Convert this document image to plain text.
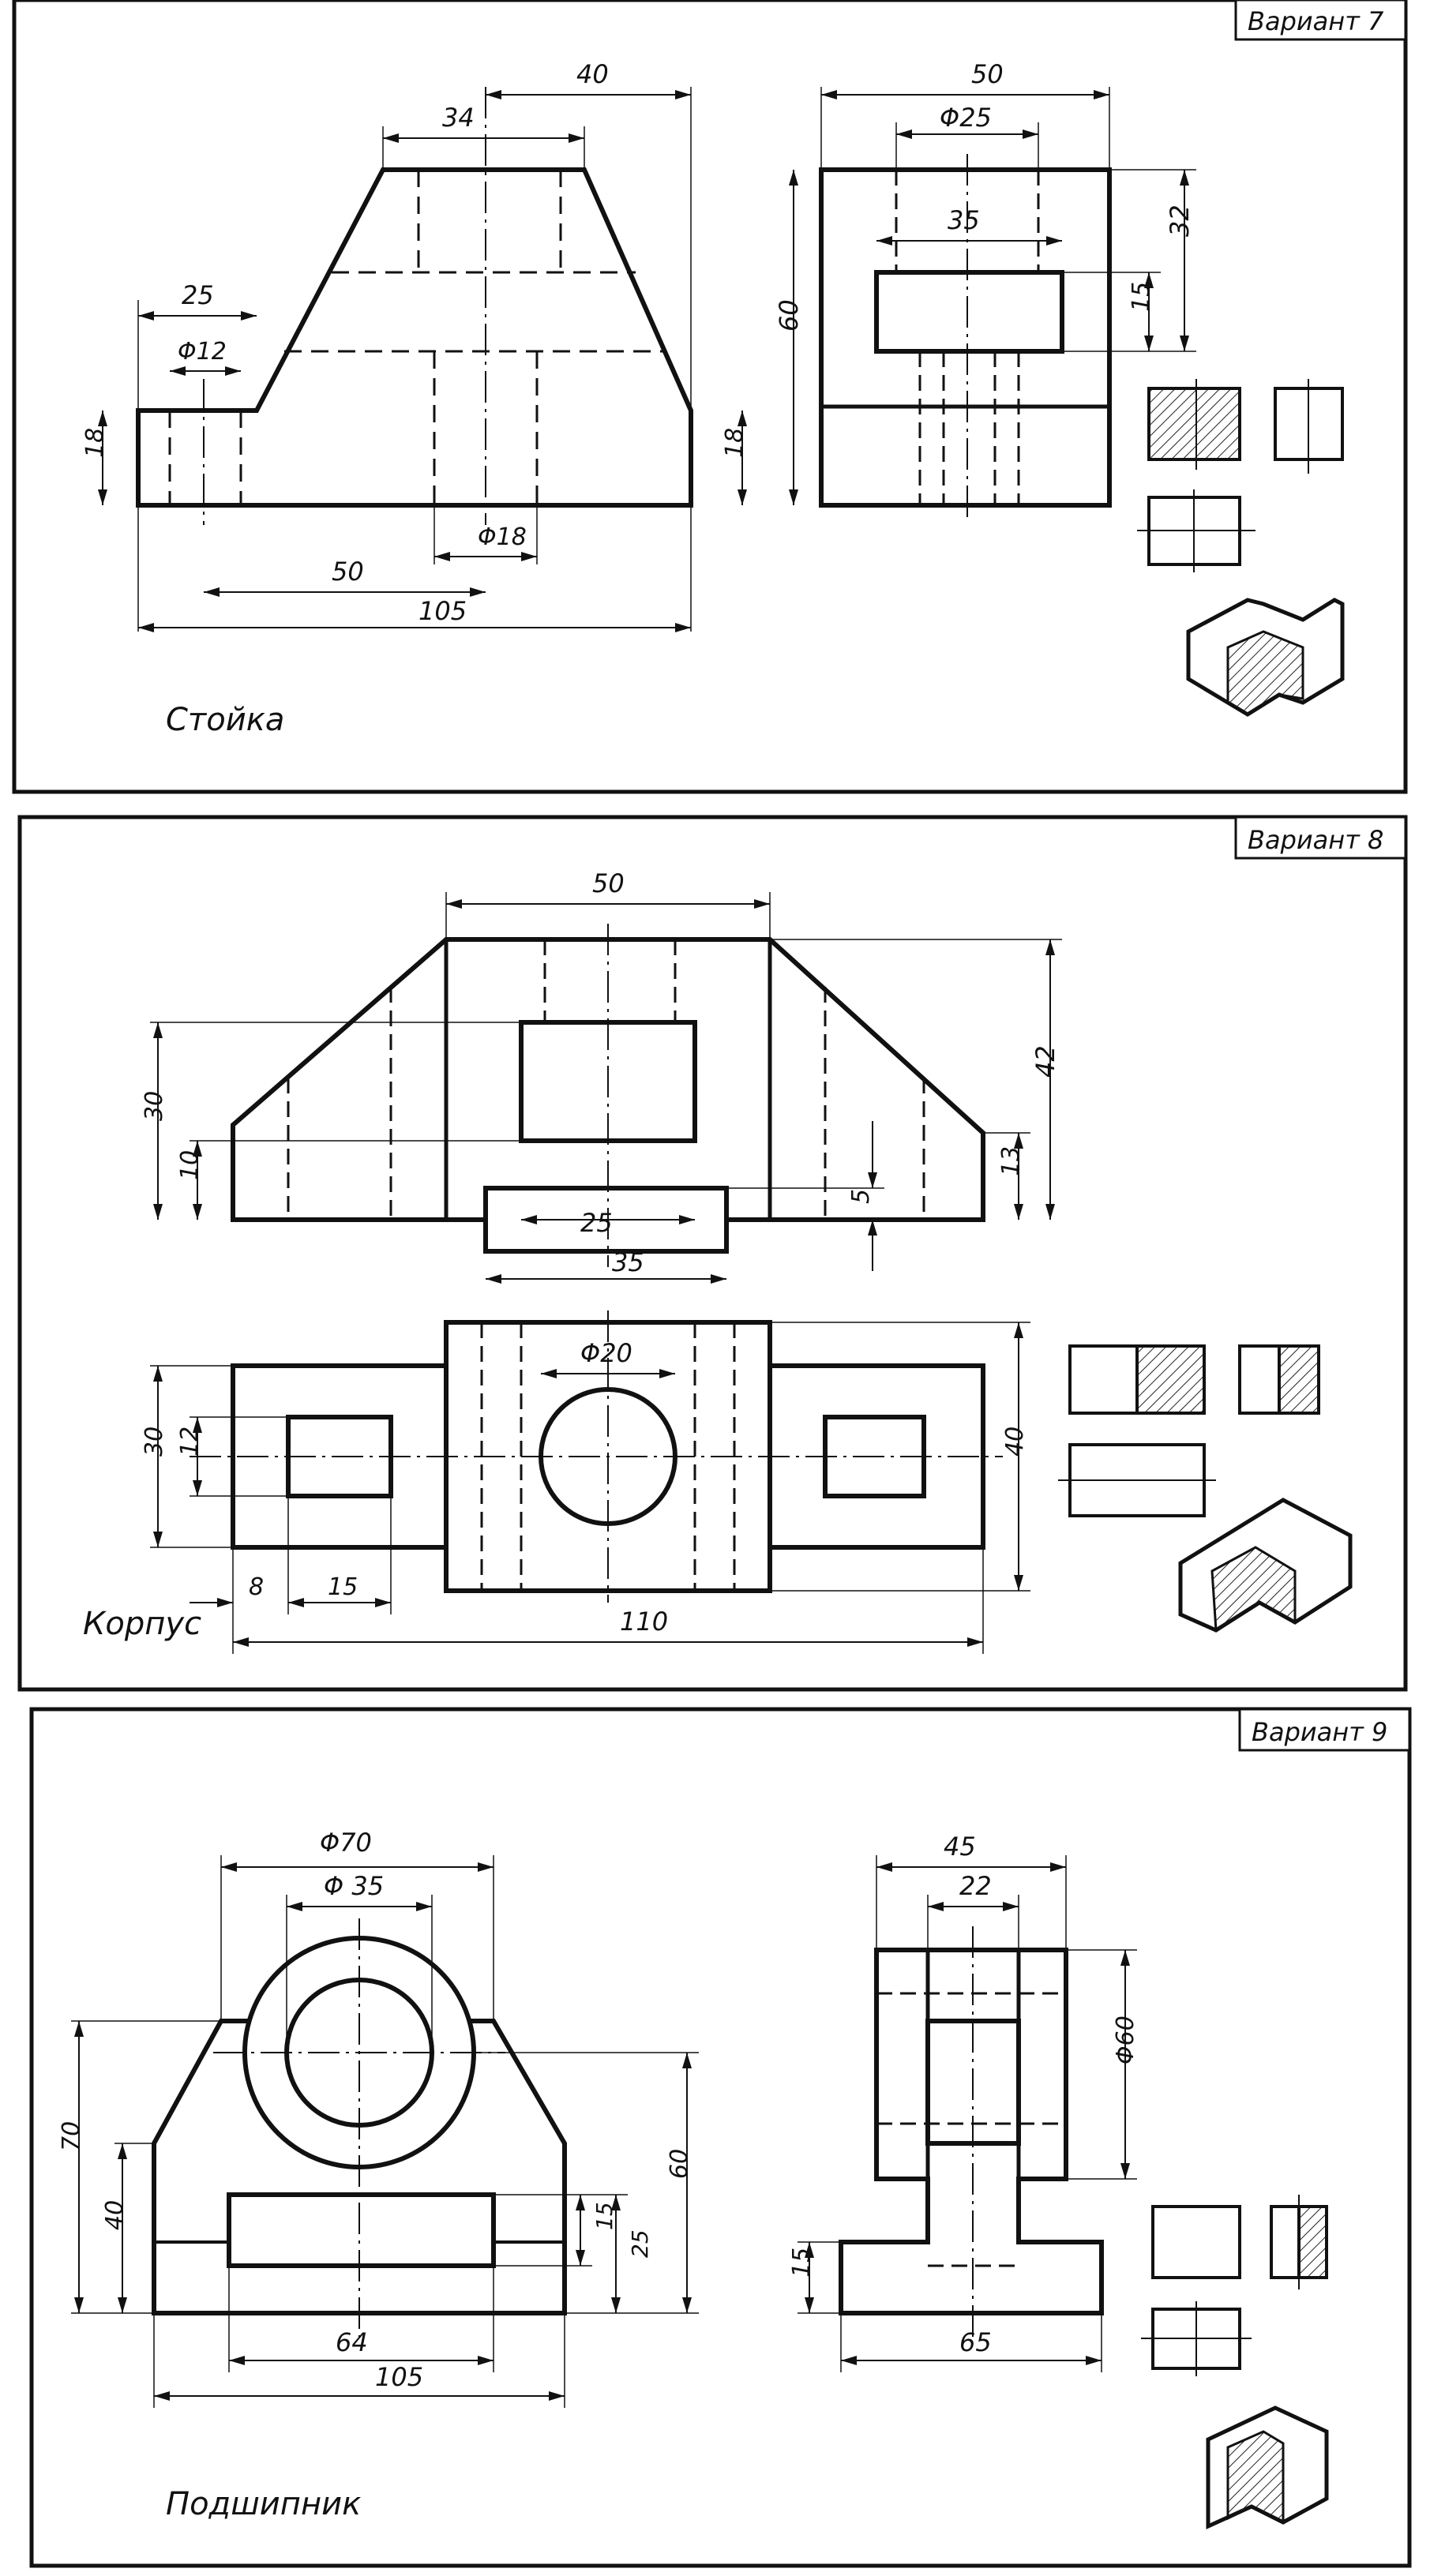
Вариант 7
40
34
25
Φ12
18	18
Φ18
50
105
50
Φ25
35
60
32
15
Стойка
Вариант 8
50
30
10
42
13
5
25
35
Φ20
30 12	40
8	15
110
Корпус
Вариант 9
Φ70
Φ 35
70
40
60
15
25
64
105
45
22
Φ60
15
65
Подшипник
